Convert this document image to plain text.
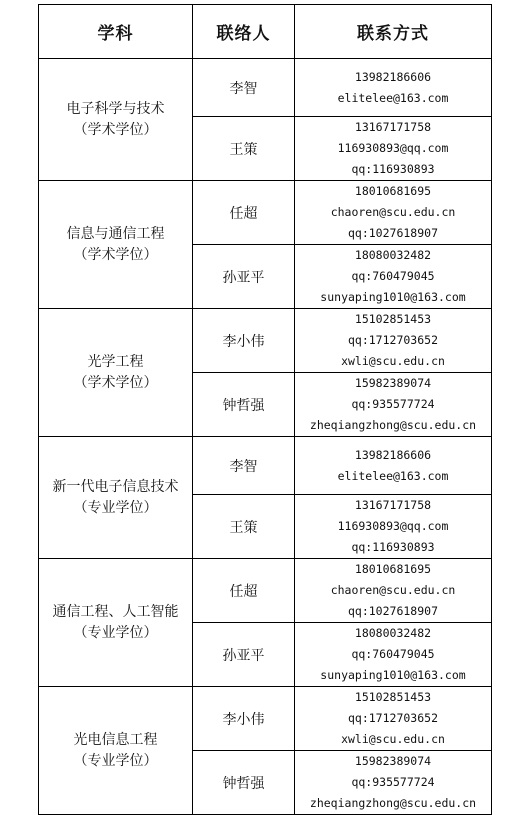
学科	联络人	联系方式

电子科学与技术
（学术学位）	李智	13982186606
elitelee@163.com

	王策	13167171758
116930893@qq.com
qq:116930893

信息与通信工程
（学术学位）	任超	18010681695
chaoren@scu.edu.cn
qq:1027618907

	孙亚平	18080032482
qq:760479045
sunyaping1010@163.com

光学工程
（学术学位）	李小伟	15102851453
qq:1712703652
xwli@scu.edu.cn

	钟哲强	15982389074
qq:935577724
zheqiangzhong@scu.edu.cn

新一代电子信息技术
（专业学位）	李智	13982186606
elitelee@163.com

	王策	13167171758
116930893@qq.com
qq:116930893

通信工程、人工智能
（专业学位）	任超	18010681695
chaoren@scu.edu.cn
qq:1027618907

	孙亚平	18080032482
qq:760479045
sunyaping1010@163.com

光电信息工程
（专业学位）	李小伟	15102851453
qq:1712703652
xwli@scu.edu.cn

	钟哲强	15982389074
qq:935577724
zheqiangzhong@scu.edu.cn
